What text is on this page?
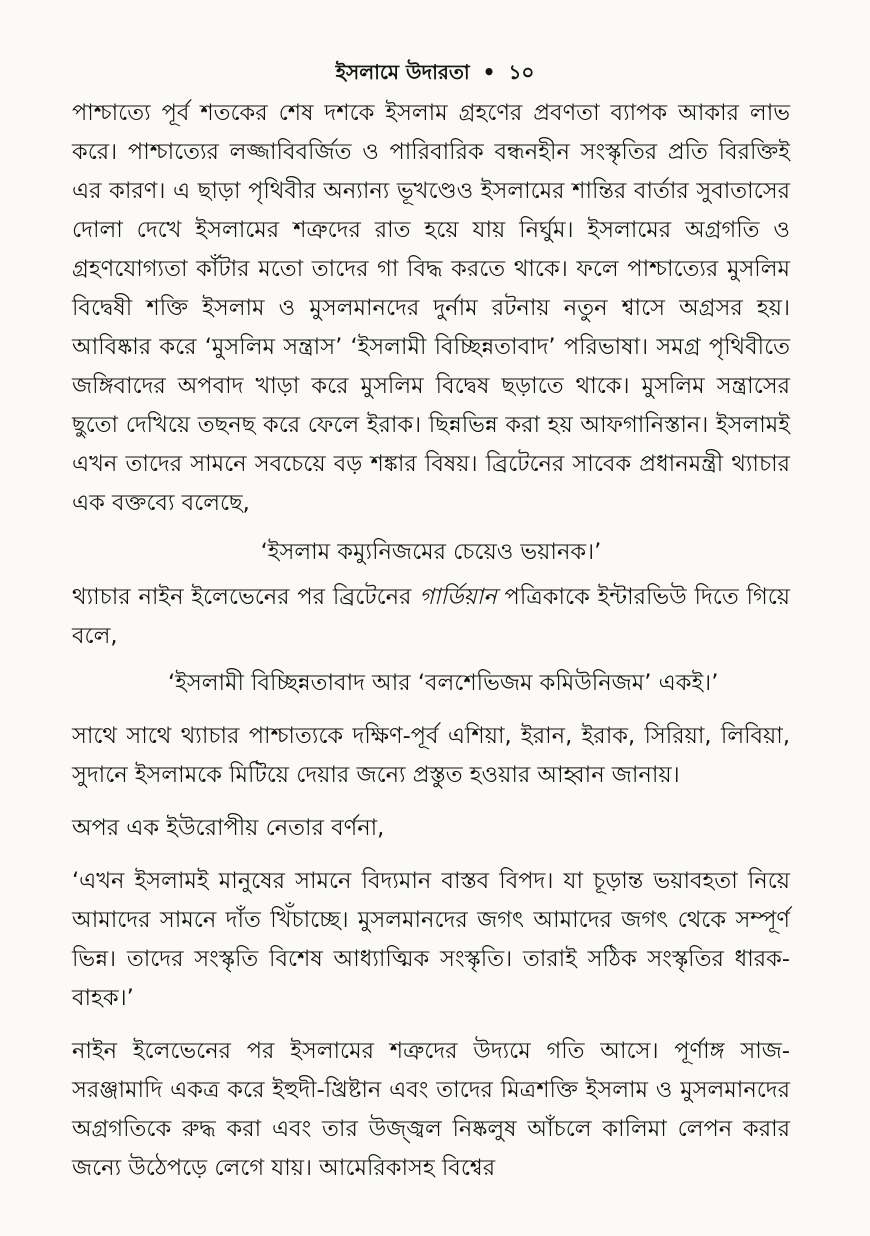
ইসলামে উদারতা • ১০

পাশ্চাত্যে পূর্ব শতকের শেষ দশকে ইসলাম গ্রহণের প্রবণতা ব্যাপক আকার লাভ করে। পাশ্চাত্যের লজ্জাবিবর্জিত ও পারিবারিক বন্ধনহীন সংস্কৃতির প্রতি বিরক্তিই এর কারণ। এ ছাড়া পৃথিবীর অন্যান্য ভূখণ্ডেও ইসলামের শান্তির বার্তার সুবাতাসের দোলা দেখে ইসলামের শত্রুদের রাত হয়ে যায় নির্ঘুম। ইসলামের অগ্রগতি ও গ্রহণযোগ্যতা কাঁটার মতো তাদের গা বিদ্ধ করতে থাকে। ফলে পাশ্চাত্যের মুসলিম বিদ্বেষী শক্তি ইসলাম ও মুসলমানদের দুর্নাম রটনায় নতুন শ্বাসে অগ্রসর হয়। আবিষ্কার করে ‘মুসলিম সন্ত্রাস’ ‘ইসলামী বিচ্ছিন্নতাবাদ’ পরিভাষা। সমগ্র পৃথিবীতে জঙ্গিবাদের অপবাদ খাড়া করে মুসলিম বিদ্বেষ ছড়াতে থাকে। মুসলিম সন্ত্রাসের ছুতো দেখিয়ে তছনছ করে ফেলে ইরাক। ছিন্নভিন্ন করা হয় আফগানিস্তান। ইসলামই এখন তাদের সামনে সবচেয়ে বড় শঙ্কার বিষয়। ব্রিটেনের সাবেক প্রধানমন্ত্রী থ্যাচার এক বক্তব্যে বলেছে,

‘ইসলাম কম্যুনিজমের চেয়েও ভয়ানক।’

থ্যাচার নাইন ইলেভেনের পর ব্রিটেনের গার্ডিয়ান পত্রিকাকে ইন্টারভিউ দিতে গিয়ে বলে,

‘ইসলামী বিচ্ছিন্নতাবাদ আর ‘বলশেভিজম কমিউনিজম’ একই।’

সাথে সাথে থ্যাচার পাশ্চাত্যকে দক্ষিণ-পূর্ব এশিয়া, ইরান, ইরাক, সিরিয়া, লিবিয়া, সুদানে ইসলামকে মিটিয়ে দেয়ার জন্যে প্রস্তুত হওয়ার আহ্বান জানায়।

অপর এক ইউরোপীয় নেতার বর্ণনা,

‘এখন ইসলামই মানুষের সামনে বিদ্যমান বাস্তব বিপদ। যা চূড়ান্ত ভয়াবহতা নিয়ে আমাদের সামনে দাঁত খিঁচাচ্ছে। মুসলমানদের জগৎ আমাদের জগৎ থেকে সম্পূর্ণ ভিন্ন। তাদের সংস্কৃতি বিশেষ আধ্যাত্মিক সংস্কৃতি। তারাই সঠিক সংস্কৃতির ধারক-বাহক।’

নাইন ইলেভেনের পর ইসলামের শত্রুদের উদ্যমে গতি আসে। পূর্ণাঙ্গ সাজ-সরঞ্জামাদি একত্র করে ইহুদী-খ্রিষ্টান এবং তাদের মিত্রশক্তি ইসলাম ও মুসলমানদের অগ্রগতিকে রুদ্ধ করা এবং তার উজ্জ্বল নিষ্কলুষ আঁচলে কালিমা লেপন করার জন্যে উঠেপড়ে লেগে যায়। আমেরিকাসহ বিশ্বের
